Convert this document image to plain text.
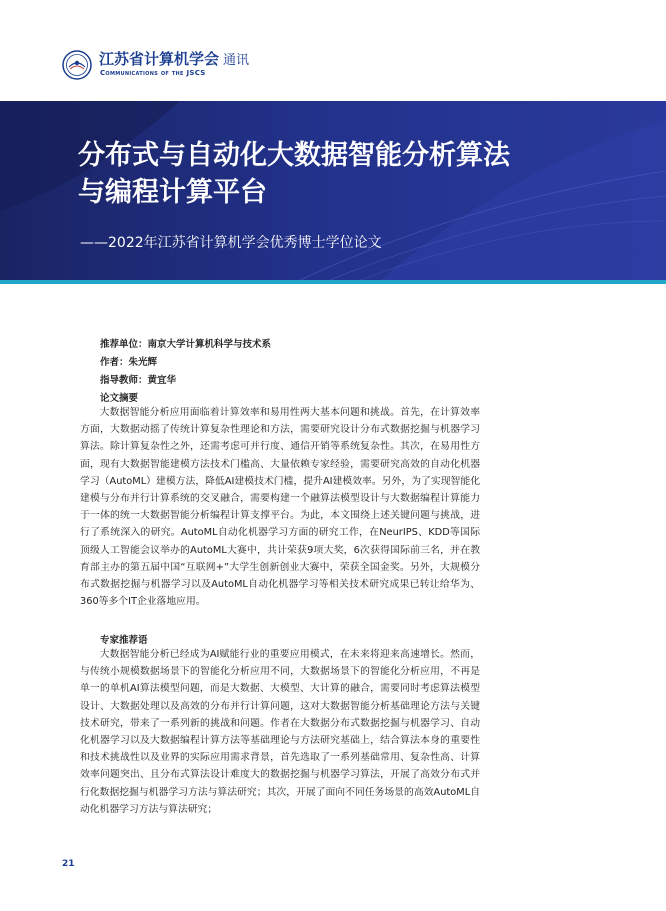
江苏省计算机学会 通讯
Communications of the JSCS
分布式与自动化大数据智能分析算法
与编程计算平台
——2022年江苏省计算机学会优秀博士学位论文
推荐单位：南京大学计算机科学与技术系
作者：朱光辉
指导教师：黄宜华
论文摘要
大数据智能分析应用面临着计算效率和易用性两大基本问题和挑战。首先，在计算效率方面，大数据动摇了传统计算复杂性理论和方法，需要研究设计分布式数据挖掘与机器学习算法。除计算复杂性之外，还需考虑可并行度、通信开销等系统复杂性。其次，在易用性方面，现有大数据智能建模方法技术门槛高、大量依赖专家经验，需要研究高效的自动化机器学习（AutoML）建模方法，降低AI建模技术门槛，提升AI建模效率。另外，为了实现智能化建模与分布并行计算系统的交叉融合，需要构建一个融算法模型设计与大数据编程计算能力于一体的统一大数据智能分析编程计算支撑平台。为此，本文围绕上述关键问题与挑战，进行了系统深入的研究。AutoML自动化机器学习方面的研究工作，在NeurIPS、KDD等国际顶级人工智能会议举办的AutoML大赛中，共计荣获9项大奖，6次获得国际前三名，并在教育部主办的第五届中国“互联网+”大学生创新创业大赛中，荣获全国金奖。另外，大规模分布式数据挖掘与机器学习以及AutoML自动化机器学习等相关技术研究成果已转让给华为、360等多个IT企业落地应用。
专家推荐语
大数据智能分析已经成为AI赋能行业的重要应用模式，在未来将迎来高速增长。然而，与传统小规模数据场景下的智能化分析应用不同，大数据场景下的智能化分析应用，不再是单一的单机AI算法模型问题，而是大数据、大模型、大计算的融合，需要同时考虑算法模型设计、大数据处理以及高效的分布并行计算问题，这对大数据智能分析基础理论方法与关键技术研究，带来了一系列新的挑战和问题。作者在大数据分布式数据挖掘与机器学习、自动化机器学习以及大数据编程计算方法等基础理论与方法研究基础上，结合算法本身的重要性和技术挑战性以及业界的实际应用需求背景，首先选取了一系列基础常用、复杂性高、计算效率问题突出、且分布式算法设计难度大的数据挖掘与机器学习算法，开展了高效分布式并行化数据挖掘与机器学习方法与算法研究；其次，开展了面向不同任务场景的高效AutoML自动化机器学习方法与算法研究；
21
